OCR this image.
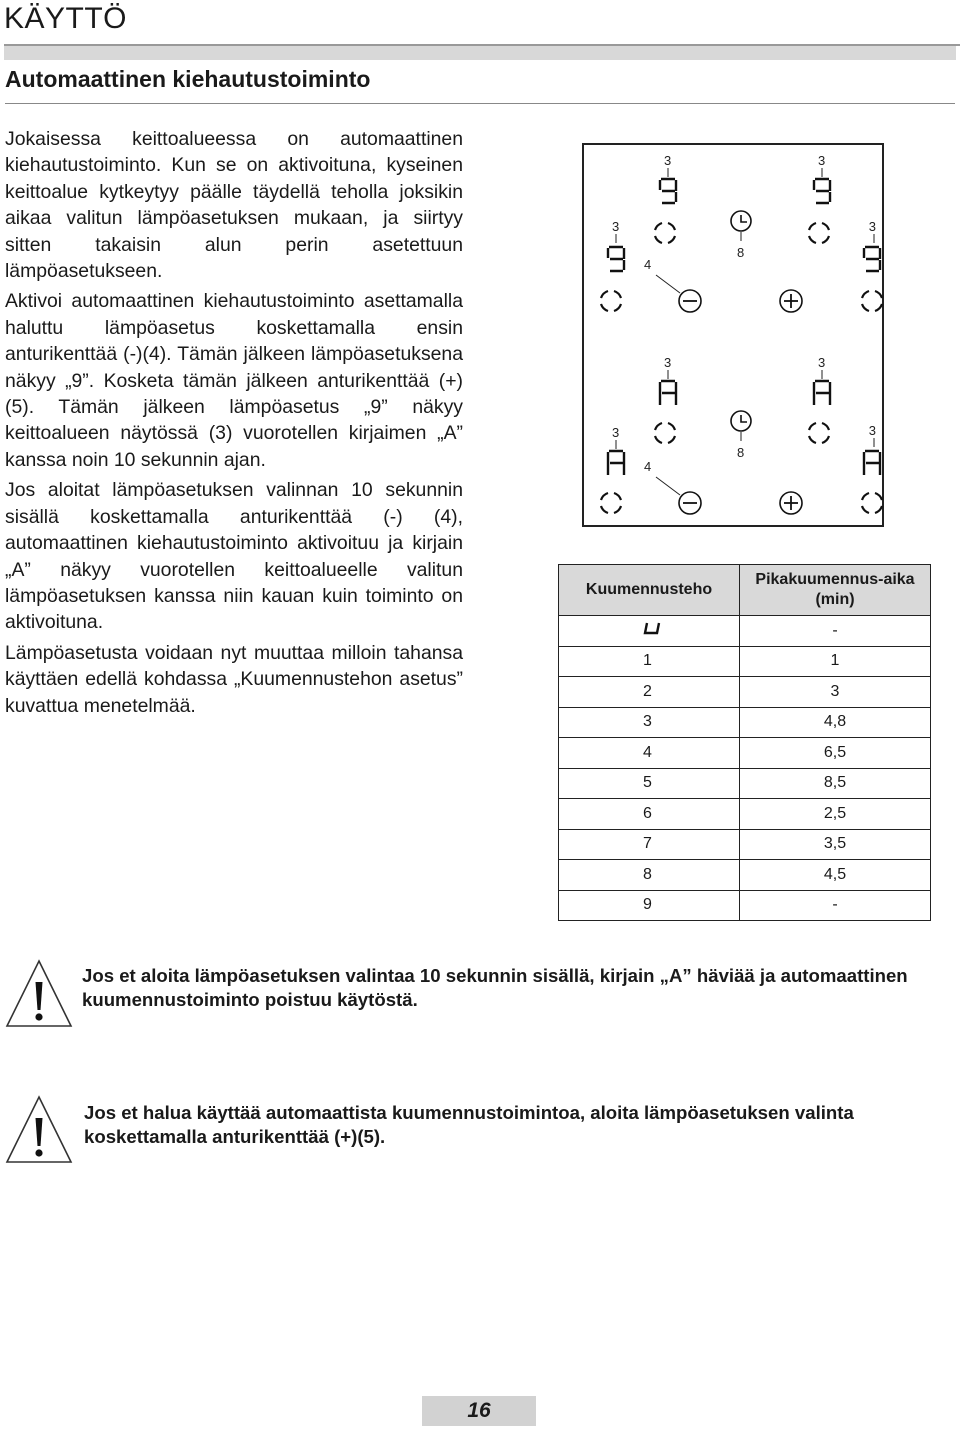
KÄYTTÖ
Automaattinen kiehautustoiminto

Jokaisessa keittoalueessa on automaattinen kiehautustoiminto. Kun se on aktivoituna, kyseinen keittoalue kytkeytyy päälle täydellä teholla joksikin aikaa valitun lämpöasetuksen mukaan, ja siirtyy sitten takaisin alun perin asetettuun lämpöasetukseen.

Aktivoi automaattinen kiehautustoiminto asettamalla haluttu lämpöasetus koskettamalla ensin anturikenttää (-)(4). Tämän jälkeen lämpöasetuksena näkyy „9”. Kosketa tämän jälkeen anturikenttää (+) (5). Tämän jälkeen lämpöasetus „9” näkyy keittoalueen näytössä (3) vuorotellen kirjaimen „A” kanssa noin 10 sekunnin ajan.

Jos aloitat lämpöasetuksen valinnan 10 sekunnin sisällä koskettamalla anturikenttää (-) (4), automaattinen kiehautustoiminto aktivoituu ja kirjain „A” näkyy vuorotellen keittoalueelle valitun lämpöasetuksen kanssa niin kauan kuin toiminto on aktivoituna.

Lämpöasetusta voidaan nyt muuttaa milloin tahansa käyttäen edellä kohdassa „Kuumennustehon asetus” kuvattua menetelmää.

3	3
8
3	3
4
3	3
8
3	3
4
Kuumennusteho	Pikakuumennus-aika (min)
	-
1	1
2	3
3	4,8
4	6,5
5	8,5
6	2,5
7	3,5
8	4,5
9	-
Jos et aloita lämpöasetuksen valintaa 10 sekunnin sisällä, kirjain „A” häviää ja automaattinen kuumennustoiminto poistuu käytöstä.
Jos et halua käyttää automaattista kuumennustoimintoa, aloita lämpöasetuksen valinta koskettamalla anturikenttää (+)(5).
16
